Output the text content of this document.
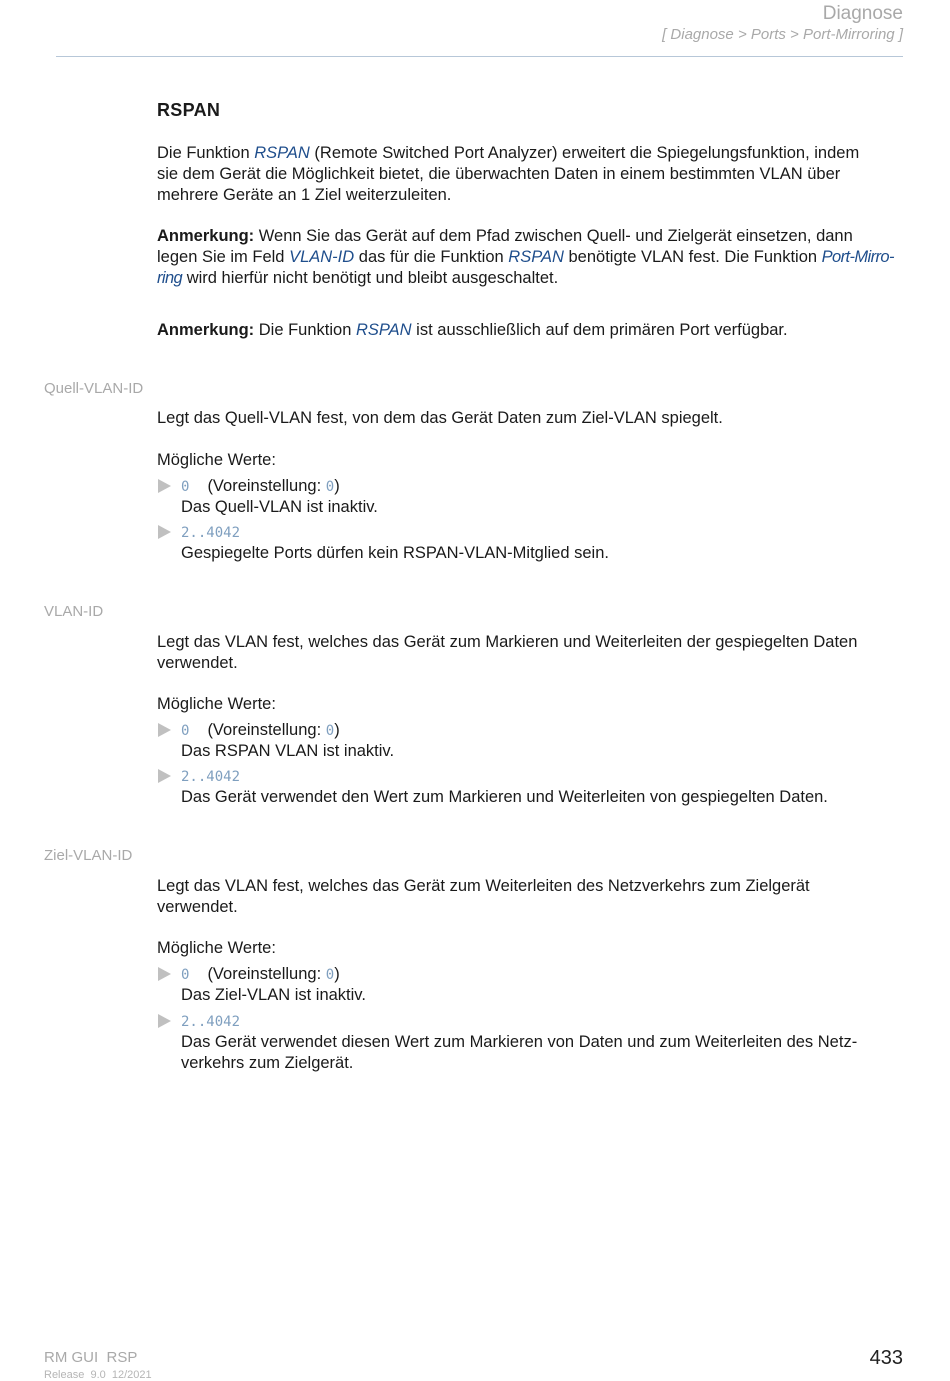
Diagnose
[ Diagnose > Ports > Port-Mirroring ]
RSPAN
Die Funktion RSPAN (Remote Switched Port Analyzer) erweitert die Spiegelungsfunktion, indem
sie dem Gerät die Möglichkeit bietet, die überwachten Daten in einem bestimmten VLAN über
mehrere Geräte an 1 Ziel weiterzuleiten.
Anmerkung: Wenn Sie das Gerät auf dem Pfad zwischen Quell- und Zielgerät einsetzen, dann
legen Sie im Feld VLAN-ID das für die Funktion RSPAN benötigte VLAN fest. Die Funktion Port-Mirro-
ring wird hierfür nicht benötigt und bleibt ausgeschaltet.
Anmerkung: Die Funktion RSPAN ist ausschließlich auf dem primären Port verfügbar.
Quell-VLAN-ID
Legt das Quell-VLAN fest, von dem das Gerät Daten zum Ziel-VLAN spiegelt.
Mögliche Werte:
0 (Voreinstellung: 0)
Das Quell-VLAN ist inaktiv.
2..4042
Gespiegelte Ports dürfen kein RSPAN-VLAN-Mitglied sein.
VLAN-ID
Legt das VLAN fest, welches das Gerät zum Markieren und Weiterleiten der gespiegelten Daten
verwendet.
Mögliche Werte:
0 (Voreinstellung: 0)
Das RSPAN VLAN ist inaktiv.
2..4042
Das Gerät verwendet den Wert zum Markieren und Weiterleiten von gespiegelten Daten.
Ziel-VLAN-ID
Legt das VLAN fest, welches das Gerät zum Weiterleiten des Netzverkehrs zum Zielgerät
verwendet.
Mögliche Werte:
0 (Voreinstellung: 0)
Das Ziel-VLAN ist inaktiv.
2..4042
Das Gerät verwendet diesen Wert zum Markieren von Daten und zum Weiterleiten des Netz-
verkehrs zum Zielgerät.
RM GUI  RSP
Release  9.0  12/2021
433
